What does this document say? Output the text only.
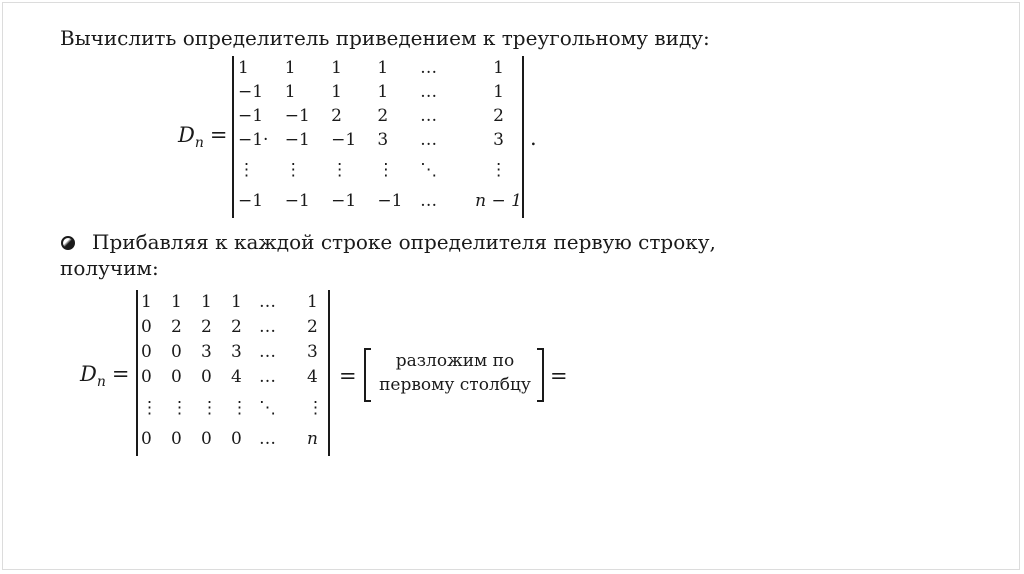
Вычислить определитель приведением к треугольному виду:
$D_n$ =
1	1	1	1	…	1
−1	1	1	1	…	1
−1	−1	2	2	…	2
−1·	−1	−1	3	…	3
⋮	⋮	⋮	⋮	⋱	⋮
−1	−1	−1	−1	…	n − 1
.
Прибавляя к каждой строке определителя первую строку,
получим:
$D_n$ =
1	1	1	1	…	1
0	2	2	2	…	2
0	0	3	3	…	3
0	0	0	4	…	4
⋮	⋮	⋮	⋮	⋱	⋮
0	0	0	0	…	n
=
разложим по
первому столбцу =
